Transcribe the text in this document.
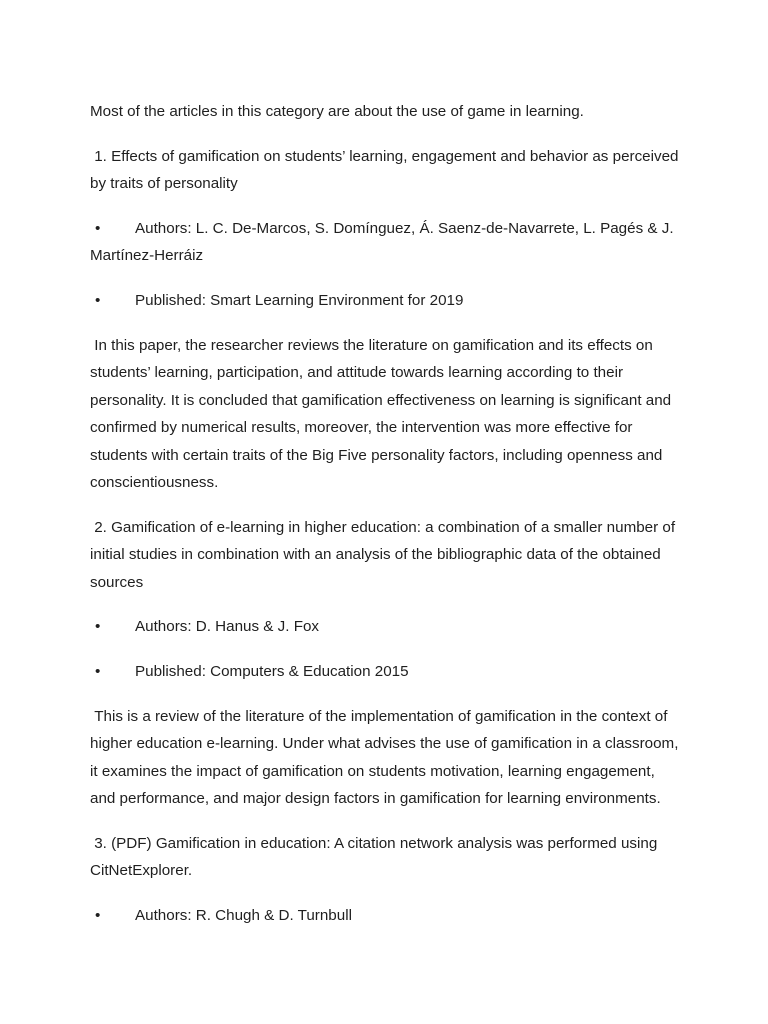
Most of the articles in this category are about the use of game in learning.

1. Effects of gamification on students’ learning, engagement and behavior as perceived by traits of personality

• Authors: L. C. De-Marcos, S. Domínguez, Á. Saenz-de-Navarrete, L. Pagés & J. Martínez-Herráiz
• Published: Smart Learning Environment for 2019

In this paper, the researcher reviews the literature on gamification and its effects on students’ learning, participation, and attitude towards learning according to their personality. It is concluded that gamification effectiveness on learning is significant and confirmed by numerical results, moreover, the intervention was more effective for students with certain traits of the Big Five personality factors, including openness and conscientiousness.

2. Gamification of e-learning in higher education: a combination of a smaller number of initial studies in combination with an analysis of the bibliographic data of the obtained sources

• Authors: D. Hanus & J. Fox
• Published: Computers & Education 2015

This is a review of the literature of the implementation of gamification in the context of higher education e-learning. Under what advises the use of gamification in a classroom, it examines the impact of gamification on students motivation, learning engagement, and performance, and major design factors in gamification for learning environments.

3. (PDF) Gamification in education: A citation network analysis was performed using CitNetExplorer.

• Authors: R. Chugh & D. Turnbull
